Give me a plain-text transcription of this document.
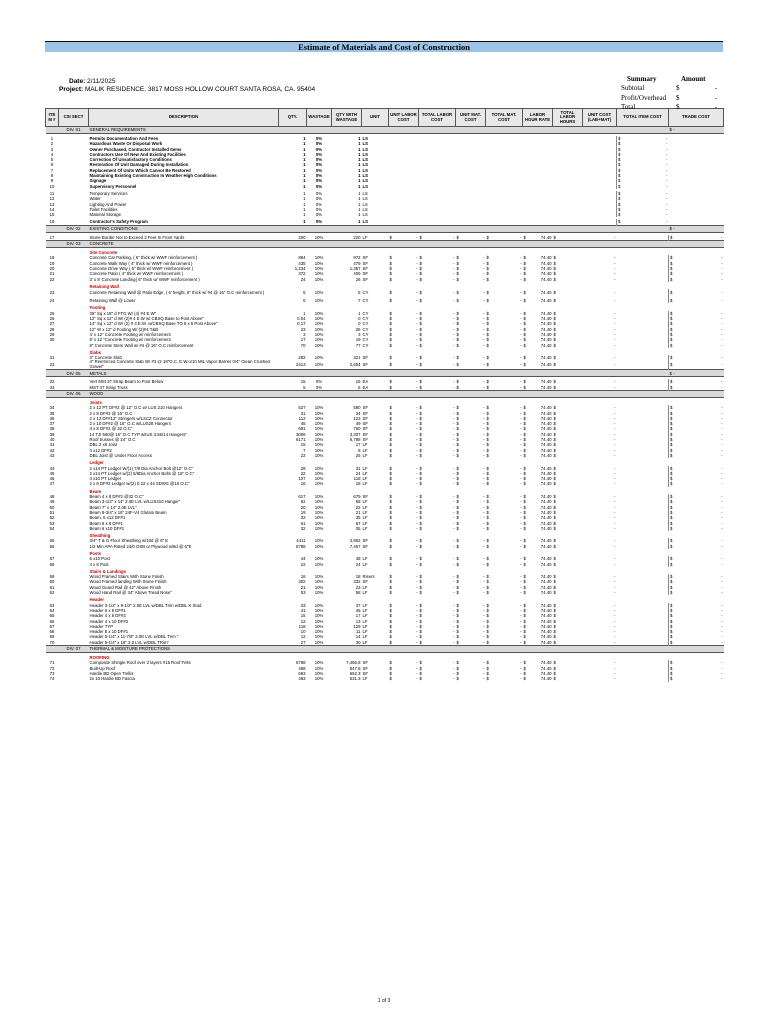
Estimate of Materials and Cost of Construction
Date: 2/11/2025
Project: MALIK RESIDENCE, 3817 MOSS HOLLOW COURT SANTA ROSA, CA. 95404
Summary	Amount
Subtotal	$	-
Profit/Overhead $	-
Total	$	-
ITE M #	CSI SECT	DESCRIPTION	QTY.	WASTAGE	QTY WITH WASTAGE	UNIT	UNIT LABOR COST	TOTAL LABOR COST	UNIT MAT. COST	TOTAL MAT. COST	LABOR HOUR RATE	TOTAL LABOR HOURS	UNIT COST (LAB+MAT)	TOTAL ITEM COST	TRADE COST	
	DIV. 01	GENERAL REQUIREMENTS													$ -	

1		Permits Documentation And Fees	1	0%	1	LS								$ -		

2		Hazardous Waste Or Disposal Work	1	0%	1	LS								$ -		

3		Owner Purchased, Contractor Installed Items	1	0%	1	LS								$ -		

4		Contractors Use Of New And Existing Facilities	1	0%	1	LS								$ -		

5		Correction Of Unsatisfactory Conditions	1	0%	1	LS								$ -		

6		Restoration Of Unit Damaged During Installation	1	0%	1	LS								$ -		

7		Replacement Of Units Which Cannot Be Restored	1	0%	1	LS								$ -		

8		Maintaining Existing Construction In Weather High Conditions	1	0%	1	LS								$ -		

9		Signage	1	0%	1	LS								$ -		

10		Supervisory Personnel	1	0%	1	LS								$ -		

11		Temporary Services	1	0%	1	LS								$ -		

12		Water	1	0%	1	LS								$ -		

13		Lighting And Power	1	0%	1	LS								$ -		

14		Toilet Facilities	1	0%	1	LS								$ -		

15		Material Storage	1	0%	1	LS								$ -		

16		Contractor's Safety Program	1	0%	1	LS								$ -		

	DIV. 02	EXISTING CONDITIONS													$ -	

17		Stone Border Not to Exceed 3 Feet In Front Yards	200	10%	220	LF	$ -	$ -	$ -	$ -	$ 74.40	$	-		$ -	

	DIV. 03	CONCRETE														

		Site Concrete														
18		Concrete Car Parking, ( 6" thick w/ WWF reinforcement )	884	10%	972	SF	$ -	$ -	$ -	$ -	$ 74.40	$	-		$ -	

19		Concrete Walk Way ( 4" thick w/ WWF reinforcement )	435	10%	479	SF	$ -	$ -	$ -	$ -	$ 74.40	$	-		$ -	

20		Concrete Drive Way ( 6" thick w/ WWF reinforcement )	1,234	10%	1,357	SF	$ -	$ -	$ -	$ -	$ 74.40	$	-		$ -	

21		Concrete Patio ( 4" thick w/ WWF reinforcement )	372	10%	409	SF	$ -	$ -	$ -	$ -	$ 74.40	$	-		$ -	

22		3' x 8' Concrete Landing( 6" thick w/ WWF reinforcement )	24	10%	26	SF	$ -	$ -	$ -	$ -	$ 74.40	$	-		$ -	

		Retaining Wall														
23		Concrete Retaining Wall @ Patio Edge, ( 6' height, 8" thick w/ #4 @ 16" O.C reinforcement )	5	10%	5	CY	$ -	$ -	$ -	$ -	$ 74.40	$	-		$ -	

24		Retaining Wall @ Lower	6	10%	7	CY	$ -	$ -	$ -	$ -	$ 74.40	$	-		$ -	

		Footing														
25		36" Sq x 18" d FTG W/ (4) #4 E.W"	1	10%	1	CY	$ -	$ -	$ -	$ -	$ 74.40	$	-		$ -	

26		12" Sq x 12" d W/ (2)# 4 E.W w/ CBSQ Base to Post Above"	0.04	10%	0	CY	$ -	$ -	$ -	$ -	$ 74.40	$	-		$ -	

27		14" Sq x 12" d W/ (2) # 4 E.W. w/CBSQ Base TO 6 x 6 Post Above"	0.17	10%	0	CY	$ -	$ -	$ -	$ -	$ 74.40	$	-		$ -	

28		12" W x 12" d Footing W/ (2)#4 T&B	23	10%	25	CY	$ -	$ -	$ -	$ -	$ 74.40	$	-		$ -	

29		4' x 12" Concrete Footing w/ reinforcement	3	10%	3	CY	$ -	$ -	$ -	$ -	$ 74.40	$	-		$ -	

30		8' x 12 "Concrete Footing w/ reinforcement	17	10%	19	CY	$ -	$ -	$ -	$ -	$ 74.40	$	-		$ -	

		8" Concrete Stem Wall w/ #4 @ 16" O.C reinforcement	70	10%	77	CY	$ -	$ -	$ -	$ -	$ 74.40	$	-		$ -	

		Slabs														
31		3" Concrete Slab	292	10%	321	SF	$ -	$ -	$ -	$ -	$ 74.40	$	-		$ -	

23		4" Reinforced Concrete Slab W/ #3 @ 18"O.C. E.W.o/10 MIL Vapor Barrier 0/4" Clean Crushed Gravel"	2413	10%	2,654	SF	$ -	$ -	$ -	$ -	$ 74.40	$	-		$ -	

	DIV. 05	METALS													$ -	

32		Vert MSt 37 Strap Beam to Post Below	15	0%	15	EA	$ -	$ -	$ -	$ -	$ 74.40	$	-		$ -	

33		MST 37 Strap Truss	5	0%	5	EA	$ -	$ -	$ -	$ -	$ 74.40	$	-		$ -	

	DIV. 06	WOOD														

		Joists														
34		2 x 12 PT DF#2 @ 12" O.C w/ LUS 210 Hangers	527	10%	580	SF	$ -	$ -	$ -	$ -	$ 74.40	$	-		$ -	

35		2 x 8 DF#2 @ 16" O.C	31	10%	34	SF	$ -	$ -	$ -	$ -	$ 74.40	$	-		$ -	

36		2 x 12 DF#12" Stringers w/LSCZ Connector	112	10%	123	SF	$ -	$ -	$ -	$ -	$ 74.40	$	-		$ -	

37		2 x 10 DF#2 @ 16" O.C w/LUS28 Hangers	45	10%	49	SF	$ -	$ -	$ -	$ -	$ 74.40	$	-		$ -	

38		4 x 8 DF#2 @ 32 O.C"	691	10%	760	SF	$ -	$ -	$ -	$ -	$ 74.40	$	-		$ -	

39		14 TJI 560@ 16" O.C TYP w/IUS 3.56/14 Hangers"	3006	10%	3,307	SF	$ -	$ -	$ -	$ -	$ 74.40	$	-		$ -	

40		Roof trusses @ 24" O.C	6171	10%	6,788	SF	$ -	$ -	$ -	$ -	$ 74.40	$	-		$ -	

41		DBL 2 x8 Joist	15	10%	17	LF	$ -	$ -	$ -	$ -	$ 74.40	$	-		$ -	

42		4 x12 DF#2	7	10%	8	LF	$ -	$ -	$ -	$ -	$ 74.40	$	-		$ -	

43		DBL Joist @ Under Floor Access	22	10%	25	LF	$ -	$ -	$ -	$ -	$ 74.40	$	-		$ -	

		Ledger														
44		2 x14 PT Ledger W/(1) 7/8 Dia Anchor Bolt @12" O.C"	28	10%	31	LF	$ -	$ -	$ -	$ -	$ 74.40	$	-		$ -	

45		2 x14 PT Ledger w/(2) 5/8Dia Anchor Bolts @ 16" O.C"	22	10%	24	LF	$ -	$ -	$ -	$ -	$ 74.40	$	-		$ -	

46		4 x10 PT Ledger	107	10%	118	LF	$ -	$ -	$ -	$ -	$ 74.40	$	-		$ -	

47		2 x 8 DF#2 Ledger w/(2) 0.22 x 44 SDWS @16 O.C"	16	10%	18	LF	$ -	$ -	$ -	$ -	$ 74.40	$	-		$ -	

		Beam														
48		Beam 4 x 8 DF#2 @32 O.C"	617	10%	679	SF	$ -	$ -	$ -	$ -	$ 74.40	$	-		$ -	

49		Beam 3-1/2" x 14" 2.0E LVL w/LUS410 Hanger"	62	10%	68	LF	$ -	$ -	$ -	$ -	$ 74.40	$	-		$ -	

50		Beam 7" x 14" 2.0E LVL"	20	10%	22	LF	$ -	$ -	$ -	$ -	$ 74.40	$	-		$ -	

51		Beam 8-3/4" x 16" 24F-V4 Glulam Beam	19	10%	21	LF	$ -	$ -	$ -	$ -	$ 74.40	$	-		$ -	

52		Beam, 6 x12 DF#1	32	10%	35	LF	$ -	$ -	$ -	$ -	$ 74.40	$	-		$ -	

53		Beam 6 x 8 DF#1	61	10%	67	LF	$ -	$ -	$ -	$ -	$ 74.40	$	-		$ -	

54		Beam 6 x10 DF#1	32	10%	35	LF	$ -	$ -	$ -	$ -	$ 74.40	$	-		$ -	

		Sheathing														
55		3/4" T & G Floor Sheathing w/10d @ 6" E	4411	10%	4,852	SF	$ -	$ -	$ -	$ -	$ 74.40	$	-		$ -	

56		1/2 Min APA Rated 24/0 OSB or Plywood w/8d @ 6"E	6788	10%	7,467	SF	$ -	$ -	$ -	$ -	$ 74.40	$	-		$ -	

		Posts														
57		6 x10 Post	44	10%	48	LF	$ -	$ -	$ -	$ -	$ 74.40	$	-		$ -	

58		4 x 8 Post	22	10%	24	LF	$ -	$ -	$ -	$ -	$ 74.40	$	-		$ -	

		Stairs & Landings														
59		Wood Framed Stairs With Stone Finish	16	10%	18	Risers	$ -	$ -	$ -	$ -	$ 74.40	$	-		$ -	

60		Wood Framed landing With Stone Finish	302	10%	332	SF	$ -	$ -	$ -	$ -	$ 74.40	$	-		$ -	

61		Wood Guard Rail @ 42" Above Finish	21	10%	23	LF	$ -	$ -	$ -	$ -	$ 74.40	$	-		$ -	

62		Wood Hand Rail @ 34" Above Tread Nose"	53	10%	58	LF	$ -	$ -	$ -	$ -	$ 74.40	$	-		$ -	

		Header														
63		Header 3-1/2" x 9-1/2" 2.0E LVL w/DBL Trim w/DBL K Stud	33	10%	37	LF	$ -	$ -	$ -	$ -	$ 74.40	$	-		$ -	

64		Header 6 x 8 DF#1	41	10%	45	LF	$ -	$ -	$ -	$ -	$ 74.40	$	-		$ -	

65		Header 4 x 6 DF#2	15	10%	17	LF	$ -	$ -	$ -	$ -	$ 74.40	$	-		$ -	

66		Header 4 x 10 DF#2	12	10%	13	LF	$ -	$ -	$ -	$ -	$ 74.40	$	-		$ -	

67		Header TYP	118	10%	129	LF	$ -	$ -	$ -	$ -	$ 74.40	$	-		$ -	

68		Header 6 x 10 DF#1	10	10%	11	LF	$ -	$ -	$ -	$ -	$ 74.40	$	-		$ -	

69		Header 5-1/4" x 11-7/8" 2.0E LVL w/DBL Trim "	12	10%	14	LF	$ -	$ -	$ -	$ -	$ 74.40	$	-		$ -	

70		Header 5-1/4" x 18" 2.0 LVL w/DBL TRim"	27	10%	30	LF	$ -	$ -	$ -	$ -	$ 74.40	$	-		$ -	

	DIV. 07	THERMAL & MOISTURE PROTECTIONS														

		ROOFING														
71		Composite Shingle Roof over 2 layers #15 Roof Felts	6788	10%	7,466.8	SF	$ -	$ -	$ -	$ -	$ 74.40	$	-		$ -	

72		Built-Up Roof	498	10%	547.8	SF	$ -	$ -	$ -	$ -	$ 74.40	$	-		$ -	

73		Hardie BD Open Trellis	593	10%	652.3	SF	$ -	$ -	$ -	$ -	$ 74.40	$	-		$ -	

74		2x 10 Hardie BD Fascia	483	10%	531.3	LF	$ -	$ -	$ -	$ -	$ 74.40	$	-		$ -	

1 of 3
